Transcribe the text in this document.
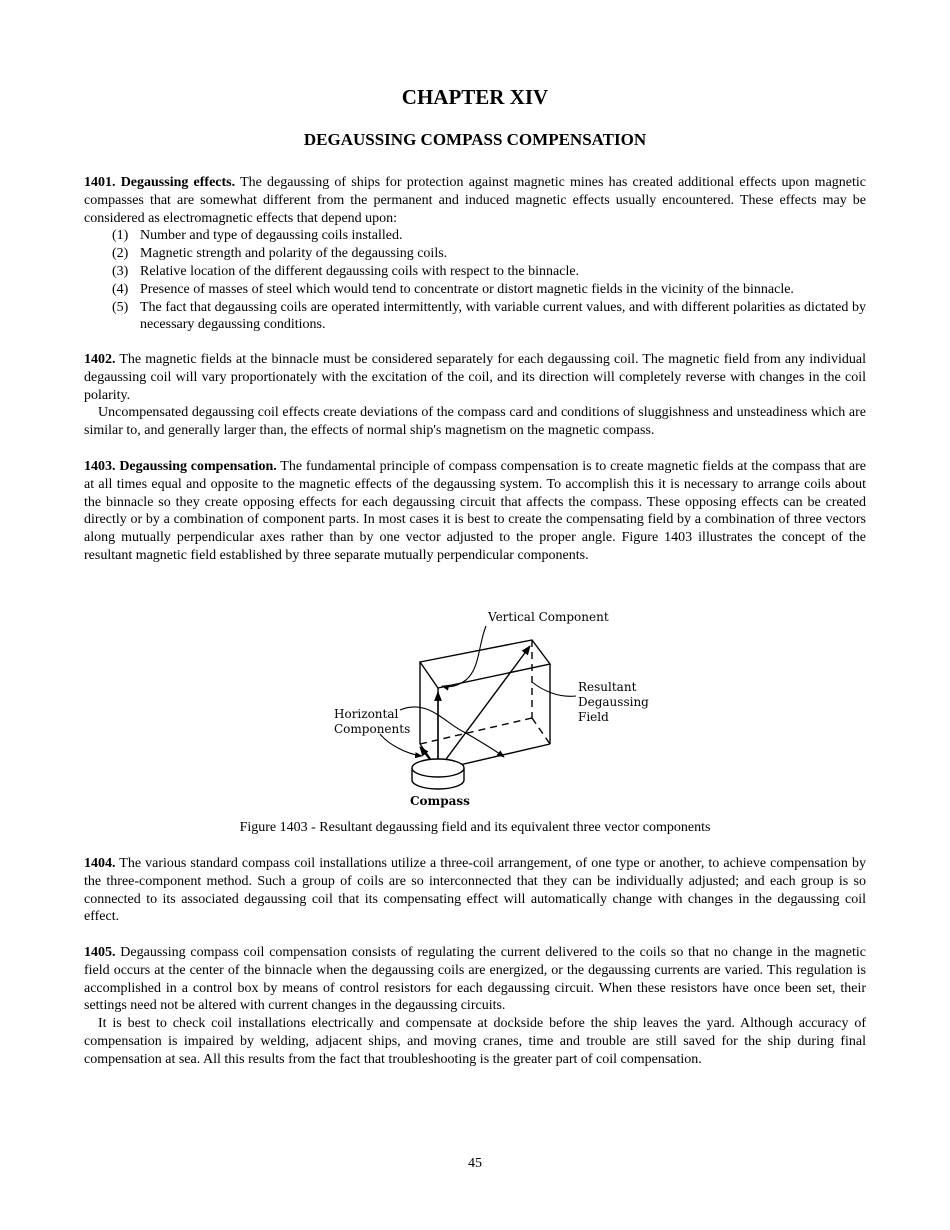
CHAPTER XIV
DEGAUSSING COMPASS COMPENSATION

1401. Degaussing effects. The degaussing of ships for protection against magnetic mines has created additional effects upon magnetic compasses that are somewhat different from the permanent and induced magnetic effects usually encountered. These effects may be considered as electromagnetic effects that depend upon:

(1) Number and type of degaussing coils installed.
(2) Magnetic strength and polarity of the degaussing coils.
(3) Relative location of the different degaussing coils with respect to the binnacle.
(4) Presence of masses of steel which would tend to concentrate or distort magnetic fields in the vicinity of the binnacle.
(5) The fact that degaussing coils are operated intermittently, with variable current values, and with different polarities as dictated by necessary degaussing conditions.

1402. The magnetic fields at the binnacle must be considered separately for each degaussing coil. The magnetic field from any individual degaussing coil will vary proportionately with the excitation of the coil, and its direction will completely reverse with changes in the coil polarity.

Uncompensated degaussing coil effects create deviations of the compass card and conditions of sluggishness and unsteadiness which are similar to, and generally larger than, the effects of normal ship's magnetism on the magnetic compass.

1403. Degaussing compensation. The fundamental principle of compass compensation is to create magnetic fields at the compass that are at all times equal and opposite to the magnetic effects of the degaussing system. To accomplish this it is necessary to arrange coils about the binnacle so they create opposing effects for each degaussing circuit that affects the compass. These opposing effects can be created directly or by a combination of component parts. In most cases it is best to create the compensating field by a combination of three vectors along mutually perpendicular axes rather than by one vector adjusted to the proper angle. Figure 1403 illustrates the concept of the resultant magnetic field established by three separate mutually perpendicular components.

1404. The various standard compass coil installations utilize a three-coil arrangement, of one type or another, to achieve compensation by the three-component method. Such a group of coils are so interconnected that they can be individually adjusted; and each group is so connected to its associated degaussing coil that its compensating effect will automatically change with changes in the degaussing coil effect.

1405. Degaussing compass coil compensation consists of regulating the current delivered to the coils so that no change in the magnetic field occurs at the center of the binnacle when the degaussing coils are energized, or the degaussing currents are varied. This regulation is accomplished in a control box by means of control resistors for each degaussing circuit. When these resistors have once been set, their settings need not be altered with current changes in the degaussing circuits.

It is best to check coil installations electrically and compensate at dockside before the ship leaves the yard. Although accuracy of compensation is impaired by welding, adjacent ships, and moving cranes, time and trouble are still saved for the ship during final compensation at sea. All this results from the fact that troubleshooting is the greater part of coil compensation.

Figure 1403 - Resultant degaussing field and its equivalent three vector components
45
Vertical Component
Resultant
Degaussing
Field
Horizontal
Components
Compass
